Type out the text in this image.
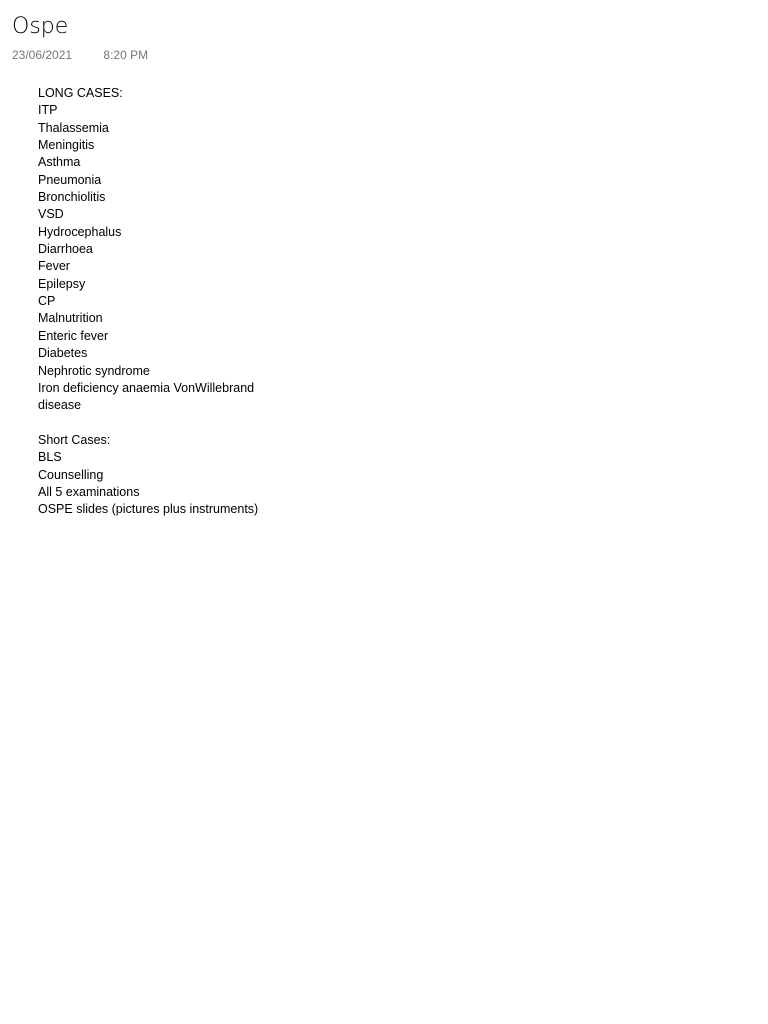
Ospe
23/06/2021	8:20 PM
LONG CASES:
ITP
Thalassemia
Meningitis
Asthma
Pneumonia
Bronchiolitis
VSD
Hydrocephalus
Diarrhoea
Fever
Epilepsy
CP
Malnutrition
Enteric fever
Diabetes
Nephrotic syndrome
Iron deficiency anaemia VonWillebrand disease
Short Cases:
BLS
Counselling
All 5 examinations
OSPE slides (pictures plus instruments)
